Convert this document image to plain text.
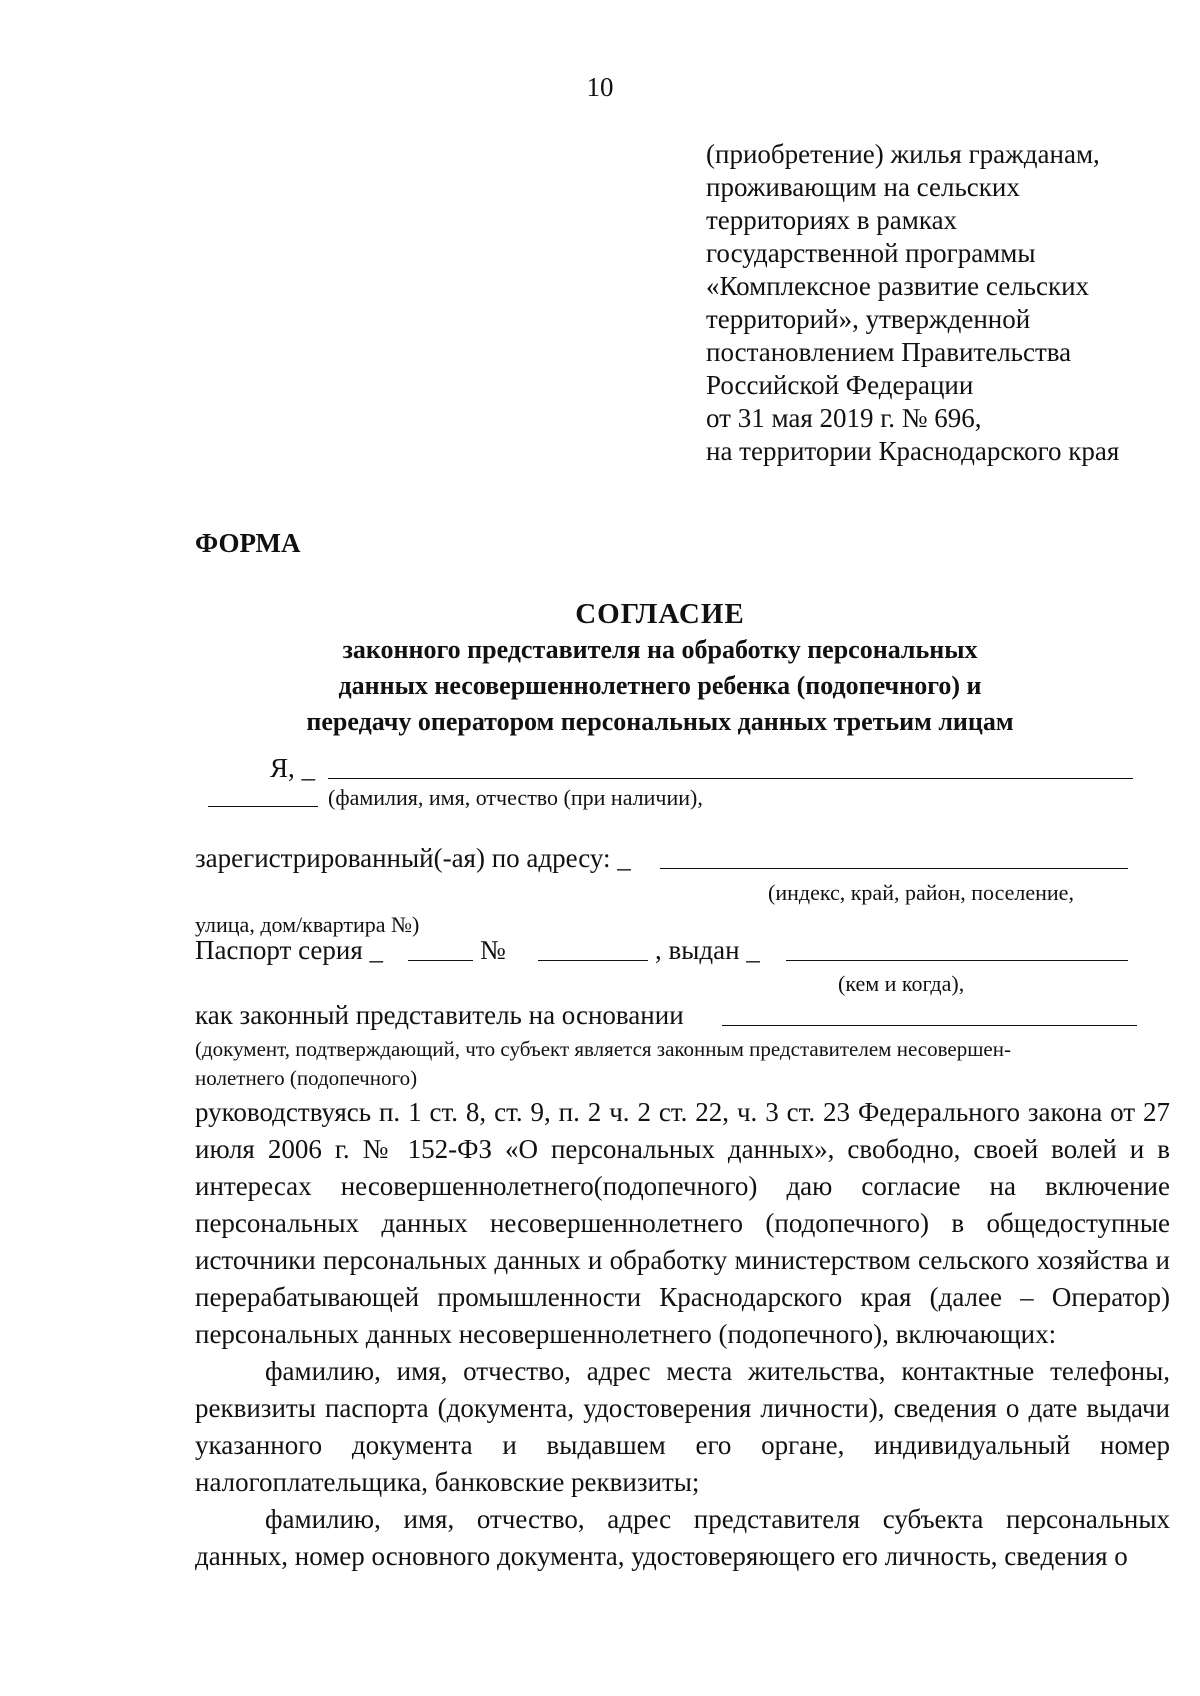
10
(приобретение) жилья гражданам,
проживающим на сельских
территориях в рамках
государственной программы
«Комплексное развитие сельских
территорий», утвержденной
постановлением Правительства
Российской Федерации
от 31 мая 2019 г. № 696,
на территории Краснодарского края
ФОРМА
СОГЛАСИЕ
законного представителя на обработку персональных
данных несовершеннолетнего ребенка (подопечного) и
передачу оператором персональных данных третьим лицам
Я, _
(фамилия, имя, отчество (при наличии),
зарегистрированный(-ая) по адресу: _
(индекс, край, район, поселение,
улица, дом/квартира №)
Паспорт серия _	№	, выдан _
(кем и когда),
как законный представитель на основании
(документ, подтверждающий, что субъект является законным представителем несовершен-
нолетнего (подопечного)

руководствуясь п. 1 ст. 8, ст. 9, п. 2 ч. 2 ст. 22, ч. 3 ст. 23 Федерального закона от 27 июля 2006 г. № 152-ФЗ «О персональных данных», свободно, своей волей и в интересах несовершеннолетнего(подопечного) даю согласие на включение персональных данных несовершеннолетнего (подопечного) в общедоступные источники персональных данных и обработку министерством сельского хозяйства и перерабатывающей промышленности Краснодарского края (далее – Оператор) персональных данных несовершеннолетнего (подопечного), включающих:

фамилию, имя, отчество, адрес места жительства, контактные телефоны, реквизиты паспорта (документа, удостоверения личности), сведения о дате выдачи указанного документа и выдавшем его органе, индивидуальный номер налогоплательщика, банковские реквизиты;

фамилию, имя, отчество, адрес представителя субъекта персональных данных, номер основного документа, удостоверяющего его личность, сведения о
